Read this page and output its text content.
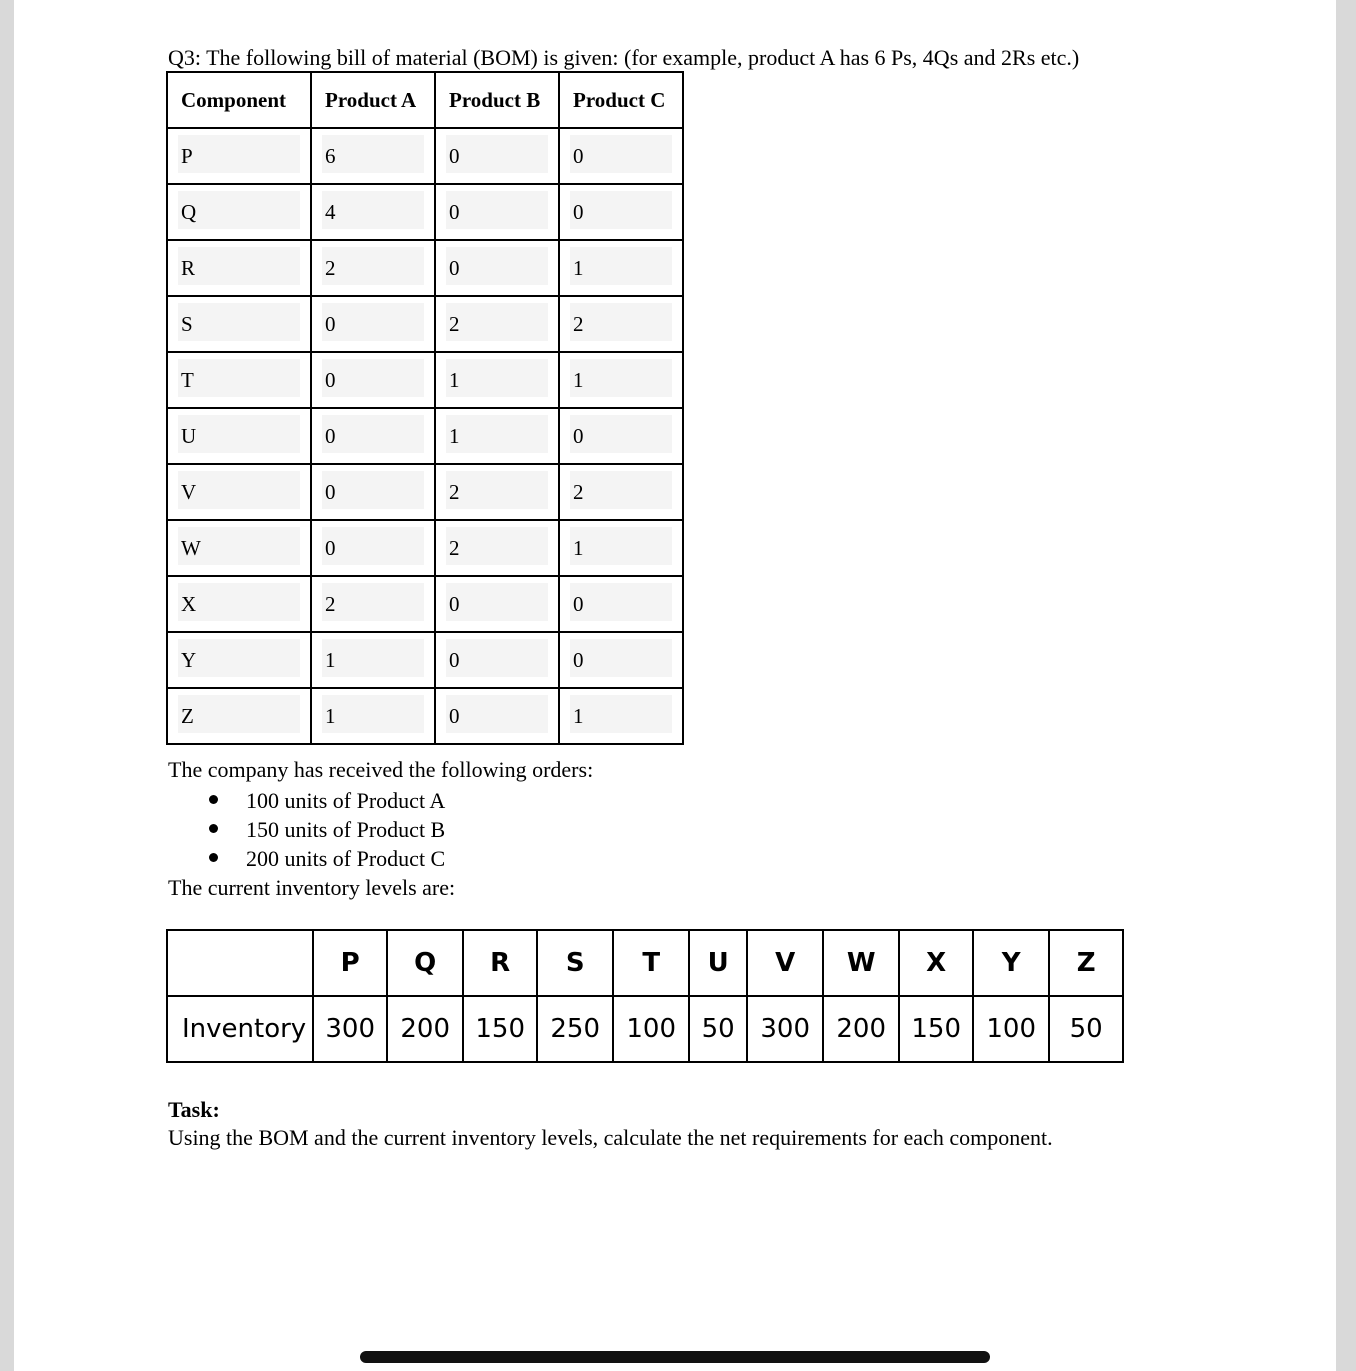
Q3: The following bill of material (BOM) is given: (for example, product A has 6 Ps, 4Qs and 2Rs etc.)
Component	Product A	Product B	Product C
P	6	0	0
Q	4	0	0
R	2	0	1
S	0	2	2
T	0	1	1
U	0	1	0
V	0	2	2
W	0	2	1
X	2	0	0
Y	1	0	0
Z	1	0	1
The company has received the following orders:
100 units of Product A
150 units of Product B
200 units of Product C
The current inventory levels are:
	P	Q	R	S	T	U	V	W	X	Y	Z
Inventory	300	200	150	250	100	50	300	200	150	100	50
Task:
Using the BOM and the current inventory levels, calculate the net requirements for each component.
